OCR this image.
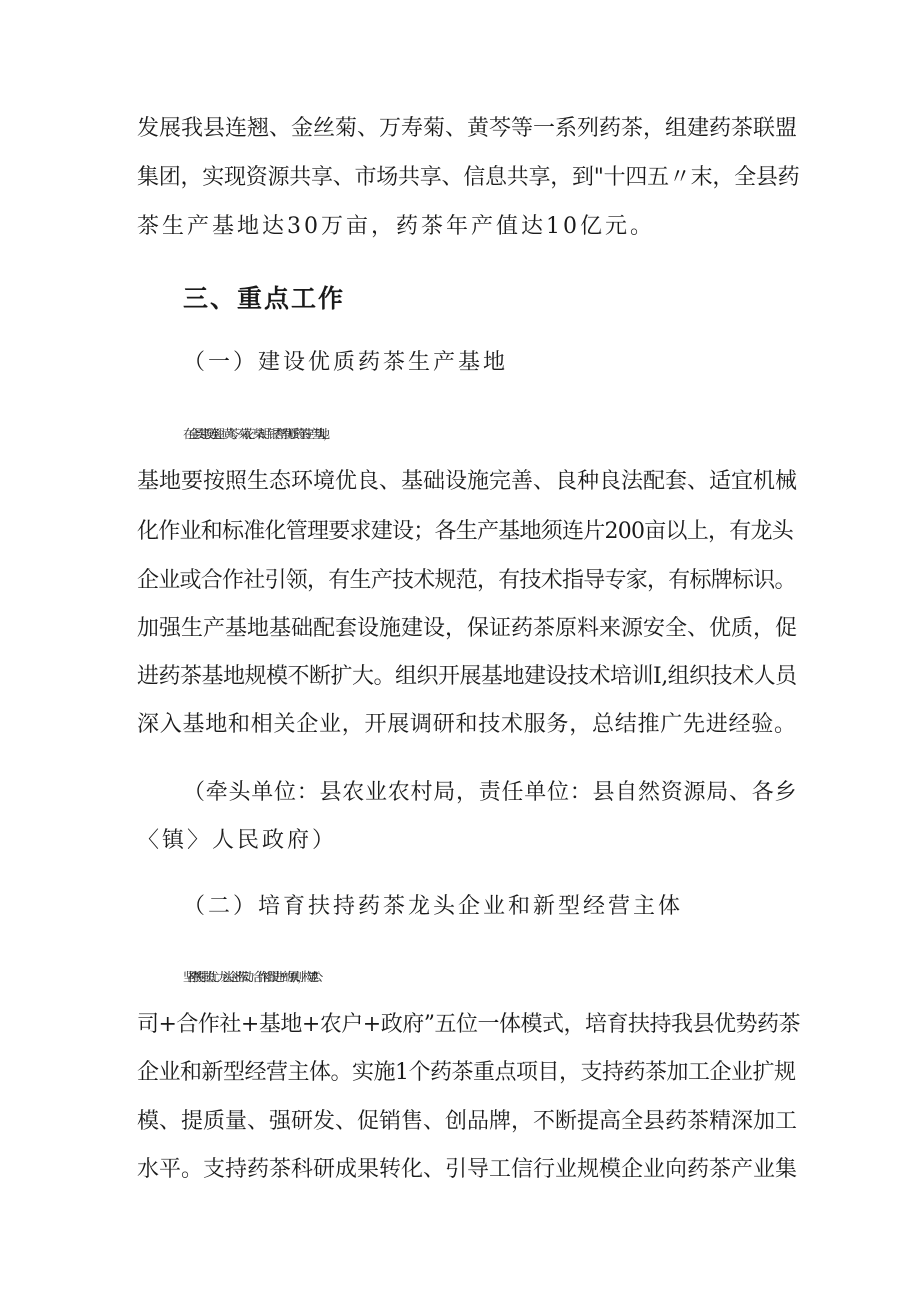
发展我县连翘、金丝菊、万寿菊、黄芩等一系列药茶，组建药茶联盟
集团，实现资源共享、市场共享、信息共享，到"十四五〃末，全县药
茶生产基地达30万亩，药茶年产值达10亿元。
三、重点工作
（一）建设优质药茶生产基地
在全县建设连翘、黄芩、菊花、柴胡、银杏等优质药茶生产基地，
基地要按照生态环境优良、基础设施完善、良种良法配套、适宜机械
化作业和标准化管理要求建设；各生产基地须连片200亩以上，有龙头
企业或合作社引领，有生产技术规范，有技术指导专家，有标牌标识。
加强生产基地基础配套设施建设，保证药茶原料来源安全、优质，促
进药茶基地规模不断扩大。组织开展基地建设技术培训I,组织技术人员
深入基地和相关企业，开展调研和技术服务，总结推广先进经验。
（牵头单位：县农业农村局，责任单位：县自然资源局、各乡
〈镇〉人民政府）
（二）培育扶持药茶龙头企业和新型经营主体
坚持“扶强扶优、龙头企业带动、合作社跟进〃的原则，构建“公
司+合作社+基地+农户+政府”五位一体模式，培育扶持我县优势药茶
企业和新型经营主体。实施1个药茶重点项目，支持药茶加工企业扩规
模、提质量、强研发、促销售、创品牌，不断提高全县药茶精深加工
水平。支持药茶科研成果转化、引导工信行业规模企业向药茶产业集
